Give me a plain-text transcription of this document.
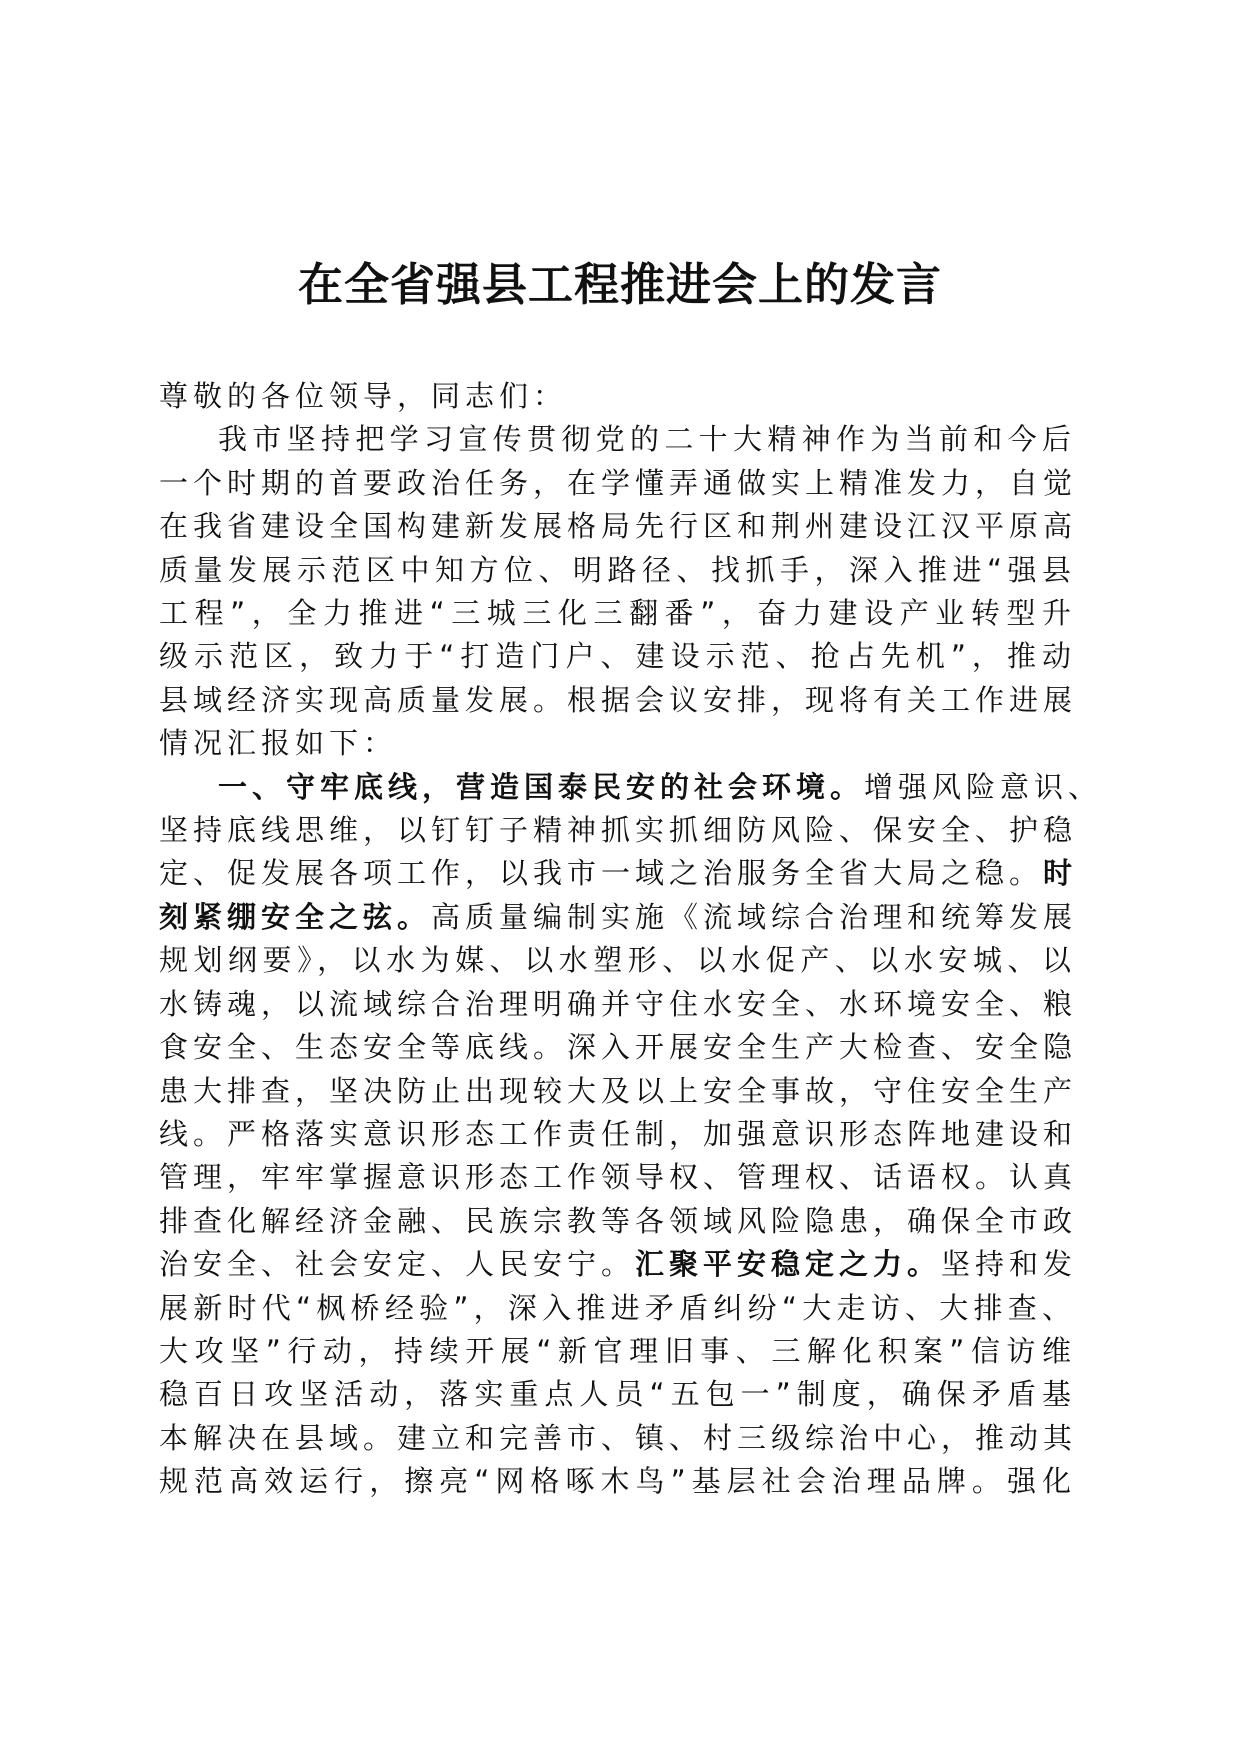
在全省强县工程推进会上的发言
尊敬的各位领导，同志们：
我市坚持把学习宣传贯彻党的二十大精神作为当前和今后
一个时期的首要政治任务，在学懂弄通做实上精准发力，自觉
在我省建设全国构建新发展格局先行区和荆州建设江汉平原高
质量发展示范区中知方位、明路径、找抓手，深入推进“强县
工程”，全力推进“三城三化三翻番”，奋力建设产业转型升
级示范区，致力于“打造门户、建设示范、抢占先机”，推动
县域经济实现高质量发展。根据会议安排，现将有关工作进展
情况汇报如下：
一、守牢底线，营造国泰民安的社会环境。增强风险意识、
坚持底线思维，以钉钉子精神抓实抓细防风险、保安全、护稳
定、促发展各项工作，以我市一域之治服务全省大局之稳。时
刻紧绷安全之弦。高质量编制实施《流域综合治理和统筹发展
规划纲要》，以水为媒、以水塑形、以水促产、以水安城、以
水铸魂，以流域综合治理明确并守住水安全、水环境安全、粮
食安全、生态安全等底线。深入开展安全生产大检查、安全隐
患大排查，坚决防止出现较大及以上安全事故，守住安全生产
线。严格落实意识形态工作责任制，加强意识形态阵地建设和
管理，牢牢掌握意识形态工作领导权、管理权、话语权。认真
排查化解经济金融、民族宗教等各领域风险隐患，确保全市政
治安全、社会安定、人民安宁。汇聚平安稳定之力。坚持和发
展新时代“枫桥经验”，深入推进矛盾纠纷“大走访、大排查、
大攻坚”行动，持续开展“新官理旧事、三解化积案”信访维
稳百日攻坚活动，落实重点人员“五包一”制度，确保矛盾基
本解决在县域。建立和完善市、镇、村三级综治中心，推动其
规范高效运行，擦亮“网格啄木鸟”基层社会治理品牌。强化
